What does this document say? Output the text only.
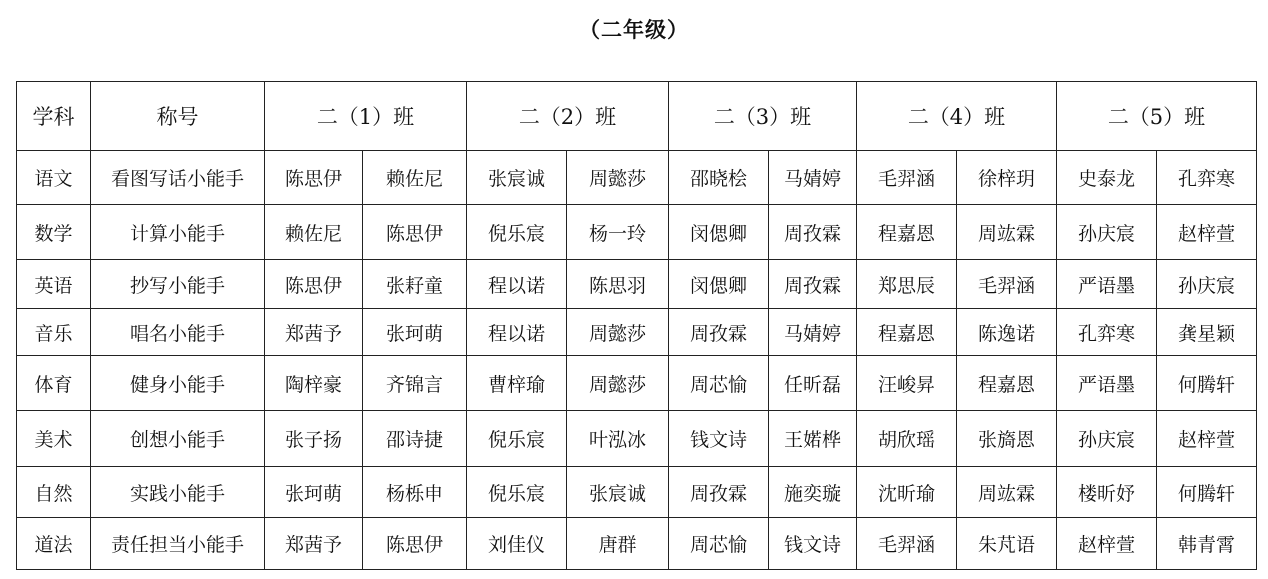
（二年级）
学科	称号	二（1）班		二（2）班		二（3）班		二（4）班		二（5）班	
语文	看图写话小能手	陈思伊	赖佐尼	张宸诚	周懿莎	邵晓桧	马婧婷	毛羿涵	徐梓玥	史泰龙	孔弈寒
数学	计算小能手	赖佐尼	陈思伊	倪乐宸	杨一玲	闵偲卿	周孜霖	程嘉恩	周竑霖	孙庆宸	赵梓萱
英语	抄写小能手	陈思伊	张耔童	程以诺	陈思羽	闵偲卿	周孜霖	郑思辰	毛羿涵	严语墨	孙庆宸
音乐	唱名小能手	郑茜予	张珂萌	程以诺	周懿莎	周孜霖	马婧婷	程嘉恩	陈逸诺	孔弈寒	龚星颖
体育	健身小能手	陶梓豪	齐锦言	曹梓瑜	周懿莎	周芯愉	任昕磊	汪峻昇	程嘉恩	严语墨	何腾轩
美术	创想小能手	张子扬	邵诗捷	倪乐宸	叶泓冰	钱文诗	王婼桦	胡欣瑶	张旖恩	孙庆宸	赵梓萱
自然	实践小能手	张珂萌	杨栎申	倪乐宸	张宸诚	周孜霖	施奕璇	沈昕瑜	周竑霖	楼昕妤	何腾轩
道法	责任担当小能手	郑茜予	陈思伊	刘佳仪	唐群	周芯愉	钱文诗	毛羿涵	朱芃语	赵梓萱	韩青霄
